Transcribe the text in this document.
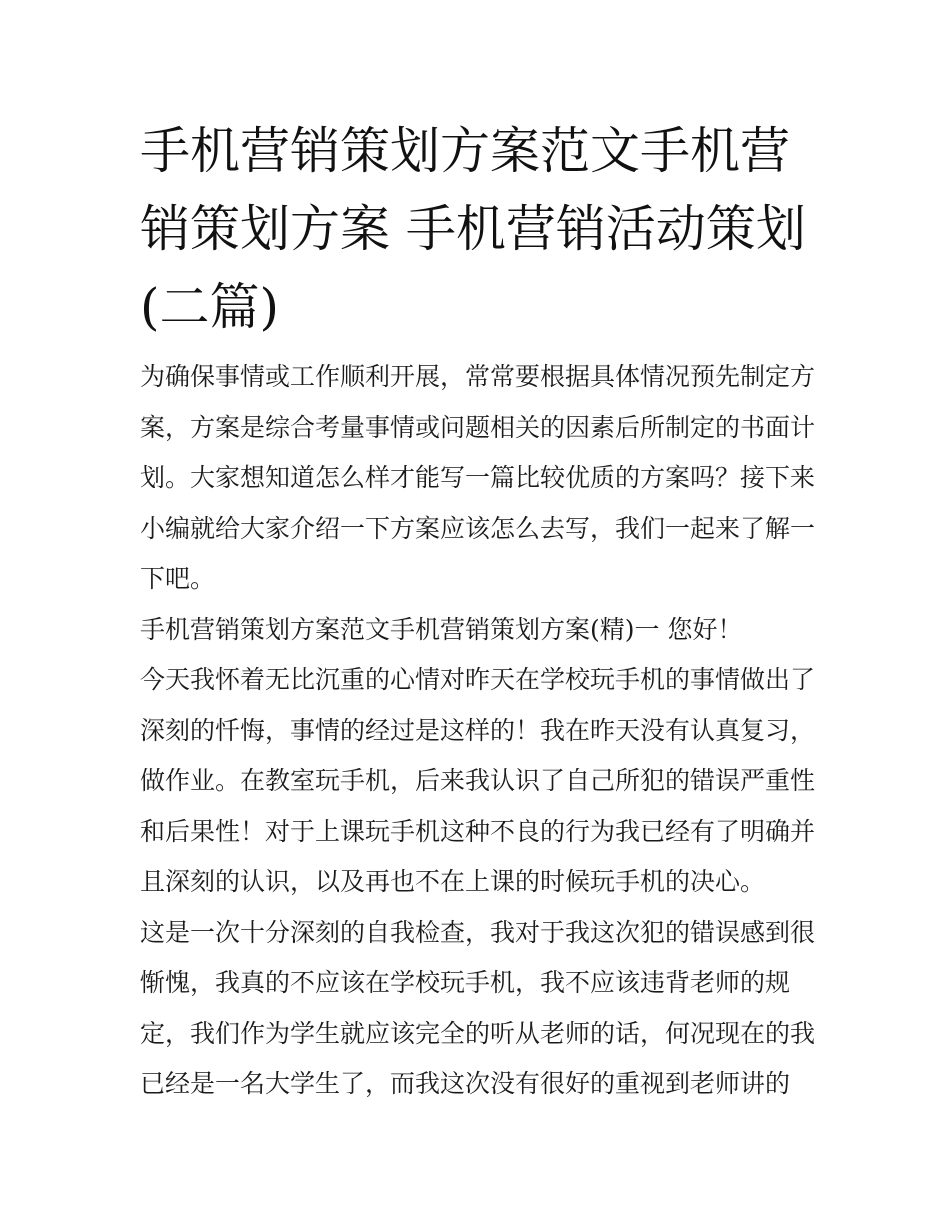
手机营销策划方案范文手机营销策划方案 手机营销活动策划(二篇)

为确保事情或工作顺利开展，常常要根据具体情况预先制定方案，方案是综合考量事情或问题相关的因素后所制定的书面计划。大家想知道怎么样才能写一篇比较优质的方案吗？接下来小编就给大家介绍一下方案应该怎么去写，我们一起来了解一下吧。

手机营销策划方案范文手机营销策划方案(精)一 您好！

今天我怀着无比沉重的心情对昨天在学校玩手机的事情做出了深刻的忏悔，事情的经过是这样的！我在昨天没有认真复习，做作业。在教室玩手机，后来我认识了自己所犯的错误严重性和后果性！对于上课玩手机这种不良的行为我已经有了明确并且深刻的认识，以及再也不在上课的时候玩手机的决心。

这是一次十分深刻的自我检查，我对于我这次犯的错误感到很惭愧，我真的不应该在学校玩手机，我不应该违背老师的规定，我们作为学生就应该完全的听从老师的话，何况现在的我已经是一名大学生了，而我这次没有很好的重视到老师讲的
